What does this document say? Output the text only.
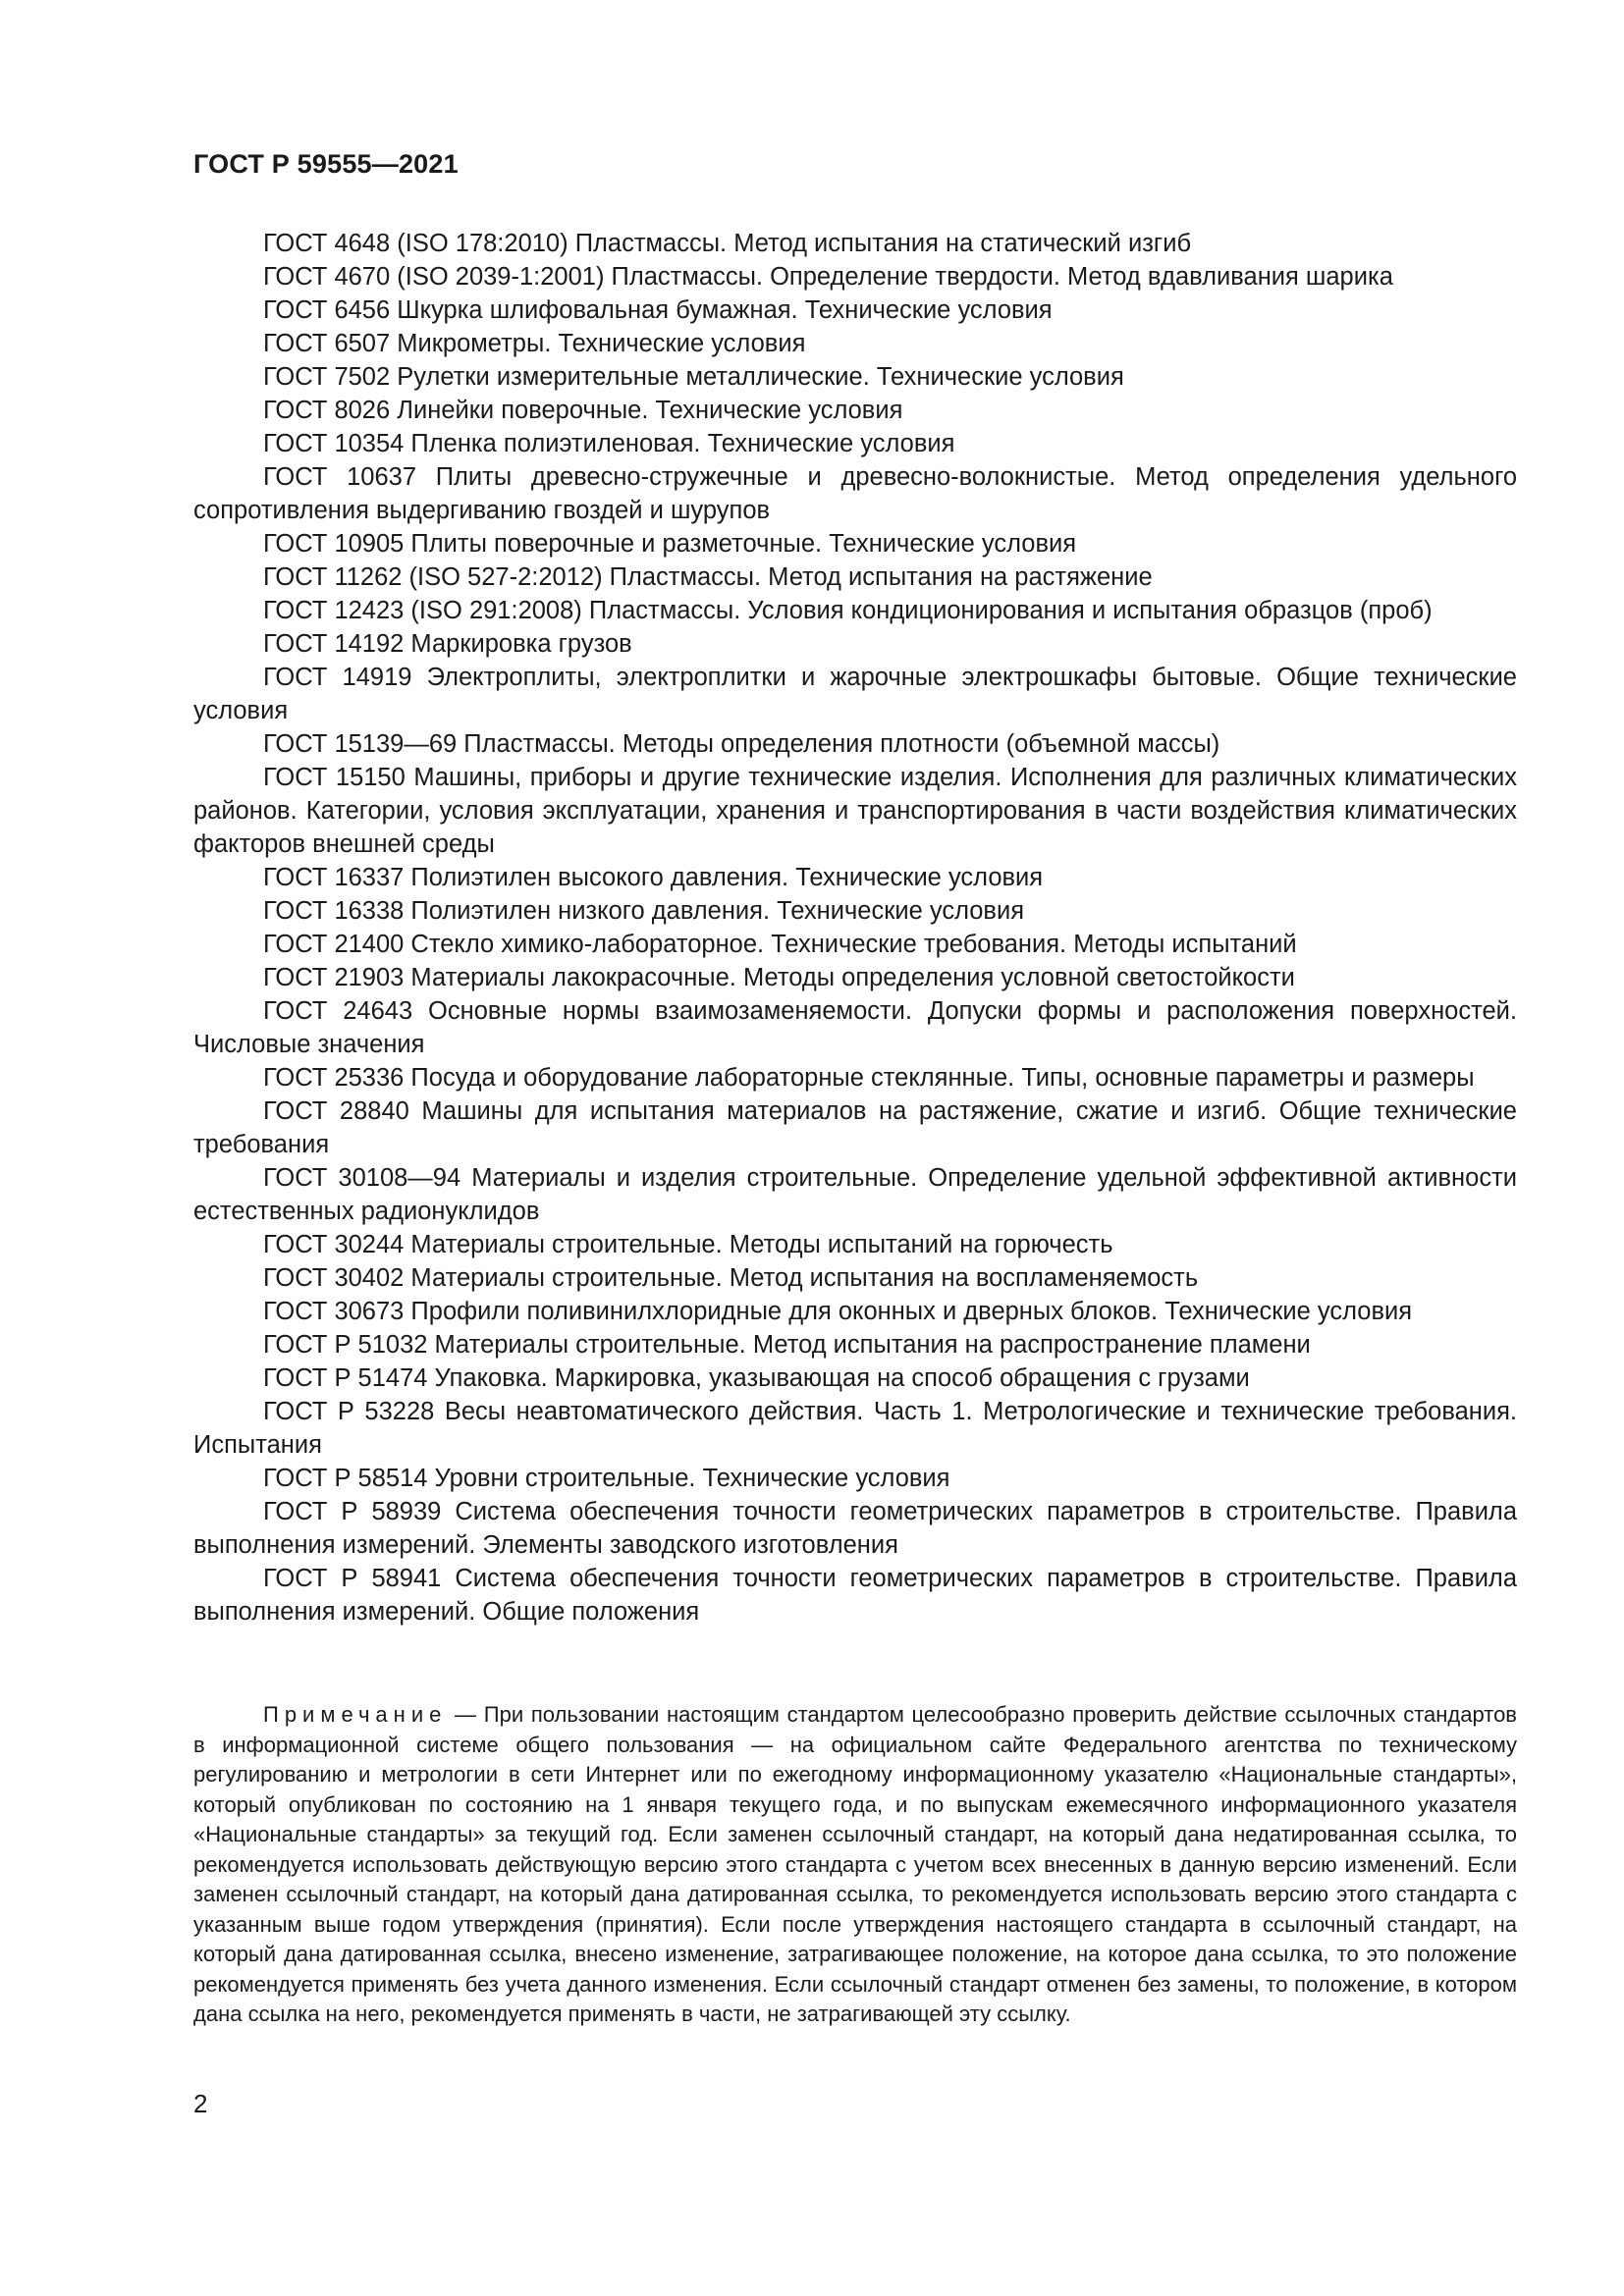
ГОСТ Р 59555—2021

ГОСТ 4648 (ISO 178:2010) Пластмассы. Метод испытания на статический изгиб

ГОСТ 4670 (ISO 2039-1:2001) Пластмассы. Определение твердости. Метод вдавливания шарика

ГОСТ 6456 Шкурка шлифовальная бумажная. Технические условия

ГОСТ 6507 Микрометры. Технические условия

ГОСТ 7502 Рулетки измерительные металлические. Технические условия

ГОСТ 8026 Линейки поверочные. Технические условия

ГОСТ 10354 Пленка полиэтиленовая. Технические условия

ГОСТ 10637 Плиты древесно-стружечные и древесно-волокнистые. Метод определения удельного сопротивления выдергиванию гвоздей и шурупов

ГОСТ 10905 Плиты поверочные и разметочные. Технические условия

ГОСТ 11262 (ISO 527-2:2012) Пластмассы. Метод испытания на растяжение

ГОСТ 12423 (ISO 291:2008) Пластмассы. Условия кондиционирования и испытания образцов (проб)

ГОСТ 14192 Маркировка грузов

ГОСТ 14919 Электроплиты, электроплитки и жарочные электрошкафы бытовые. Общие технические условия

ГОСТ 15139—69 Пластмассы. Методы определения плотности (объемной массы)

ГОСТ 15150 Машины, приборы и другие технические изделия. Исполнения для различных климатических районов. Категории, условия эксплуатации, хранения и транспортирования в части воздействия климатических факторов внешней среды

ГОСТ 16337 Полиэтилен высокого давления. Технические условия

ГОСТ 16338 Полиэтилен низкого давления. Технические условия

ГОСТ 21400 Стекло химико-лабораторное. Технические требования. Методы испытаний

ГОСТ 21903 Материалы лакокрасочные. Методы определения условной светостойкости

ГОСТ 24643 Основные нормы взаимозаменяемости. Допуски формы и расположения поверхностей. Числовые значения

ГОСТ 25336 Посуда и оборудование лабораторные стеклянные. Типы, основные параметры и размеры

ГОСТ 28840 Машины для испытания материалов на растяжение, сжатие и изгиб. Общие технические требования

ГОСТ 30108—94 Материалы и изделия строительные. Определение удельной эффективной активности естественных радионуклидов

ГОСТ 30244 Материалы строительные. Методы испытаний на горючесть

ГОСТ 30402 Материалы строительные. Метод испытания на воспламеняемость

ГОСТ 30673 Профили поливинилхлоридные для оконных и дверных блоков. Технические условия

ГОСТ Р 51032 Материалы строительные. Метод испытания на распространение пламени

ГОСТ Р 51474 Упаковка. Маркировка, указывающая на способ обращения с грузами

ГОСТ Р 53228 Весы неавтоматического действия. Часть 1. Метрологические и технические требования. Испытания

ГОСТ Р 58514 Уровни строительные. Технические условия

ГОСТ Р 58939 Система обеспечения точности геометрических параметров в строительстве. Правила выполнения измерений. Элементы заводского изготовления

ГОСТ Р 58941 Система обеспечения точности геометрических параметров в строительстве. Правила выполнения измерений. Общие положения

Примечание — При пользовании настоящим стандартом целесообразно проверить действие ссылочных стандартов в информационной системе общего пользования — на официальном сайте Федерального агентства по техническому регулированию и метрологии в сети Интернет или по ежегодному информационному указателю «Национальные стандарты», который опубликован по состоянию на 1 января текущего года, и по выпускам ежемесячного информационного указателя «Национальные стандарты» за текущий год. Если заменен ссылочный стандарт, на который дана недатированная ссылка, то рекомендуется использовать действующую версию этого стандарта с учетом всех внесенных в данную версию изменений. Если заменен ссылочный стандарт, на который дана датированная ссылка, то рекомендуется использовать версию этого стандарта с указанным выше годом утверждения (принятия). Если после утверждения настоящего стандарта в ссылочный стандарт, на который дана датированная ссылка, внесено изменение, затрагивающее положение, на которое дана ссылка, то это положение рекомендуется применять без учета данного изменения. Если ссылочный стандарт отменен без замены, то положение, в котором дана ссылка на него, рекомендуется применять в части, не затрагивающей эту ссылку.

2
